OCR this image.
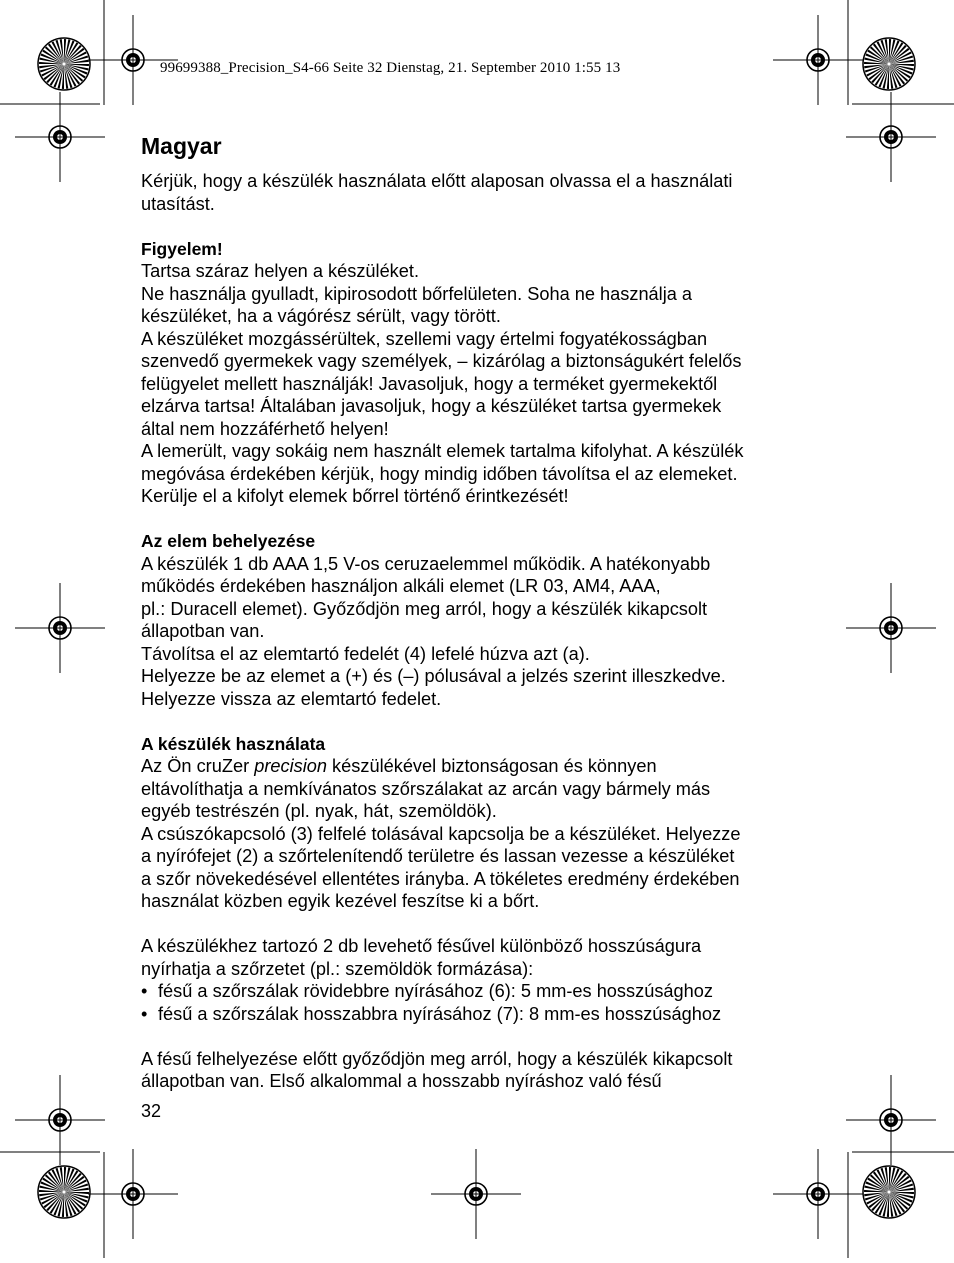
99699388_Precision_S4-66 Seite 32 Dienstag, 21. September 2010 1:55 13
Magyar

Kérjük, hogy a készülék használata előtt alaposan olvassa el a használati

utasítást.

Figyelem!

Tartsa száraz helyen a készüléket.

Ne használja gyulladt, kipirosodott bőrfelületen. Soha ne használja a

készüléket, ha a vágórész sérült, vagy törött.

A készüléket mozgássérültek, szellemi vagy értelmi fogyatékosságban

szenvedő gyermekek vagy személyek, – kizárólag a biztonságukért felelős

felügyelet mellett használják! Javasoljuk, hogy a terméket gyermekektől

elzárva tartsa! Általában javasoljuk, hogy a készüléket tartsa gyermekek

által nem hozzáférhető helyen!

A lemerült, vagy sokáig nem használt elemek tartalma kifolyhat. A készülék

megóvása érdekében kérjük, hogy mindig időben távolítsa el az elemeket.

Kerülje el a kifolyt elemek bőrrel történő érintkezését!

Az elem behelyezése

A készülék 1 db AAA 1,5 V-os ceruzaelemmel működik. A hatékonyabb

működés érdekében használjon alkáli elemet (LR 03, AM4, AAA,

pl.: Duracell elemet). Győződjön meg arról, hogy a készülék kikapcsolt

állapotban van.

Távolítsa el az elemtartó fedelét (4) lefelé húzva azt (a).

Helyezze be az elemet a (+) és (–) pólusával a jelzés szerint illeszkedve.

Helyezze vissza az elemtartó fedelet.

A készülék használata

Az Ön cruZer precision készülékével biztonságosan és könnyen

eltávolíthatja a nemkívánatos szőrszálakat az arcán vagy bármely más

egyéb testrészén (pl. nyak, hát, szemöldök).

A csúszókapcsoló (3) felfelé tolásával kapcsolja be a készüléket. Helyezze

a nyírófejet (2) a szőrtelenítendő területre és lassan vezesse a készüléket

a szőr növekedésével ellentétes irányba. A tökéletes eredmény érdekében

használat közben egyik kezével feszítse ki a bőrt.

A készülékhez tartozó 2 db levehető fésűvel különböző hosszúságura

nyírhatja a szőrzetet (pl.: szemöldök formázása):

• fésű a szőrszálak rövidebbre nyírásához (6): 5 mm-es hosszúsághoz
• fésű a szőrszálak hosszabbra nyírásához (7): 8 mm-es hosszúsághoz

A fésű felhelyezése előtt győződjön meg arról, hogy a készülék kikapcsolt

állapotban van. Első alkalommal a hosszabb nyíráshoz való fésű

32
